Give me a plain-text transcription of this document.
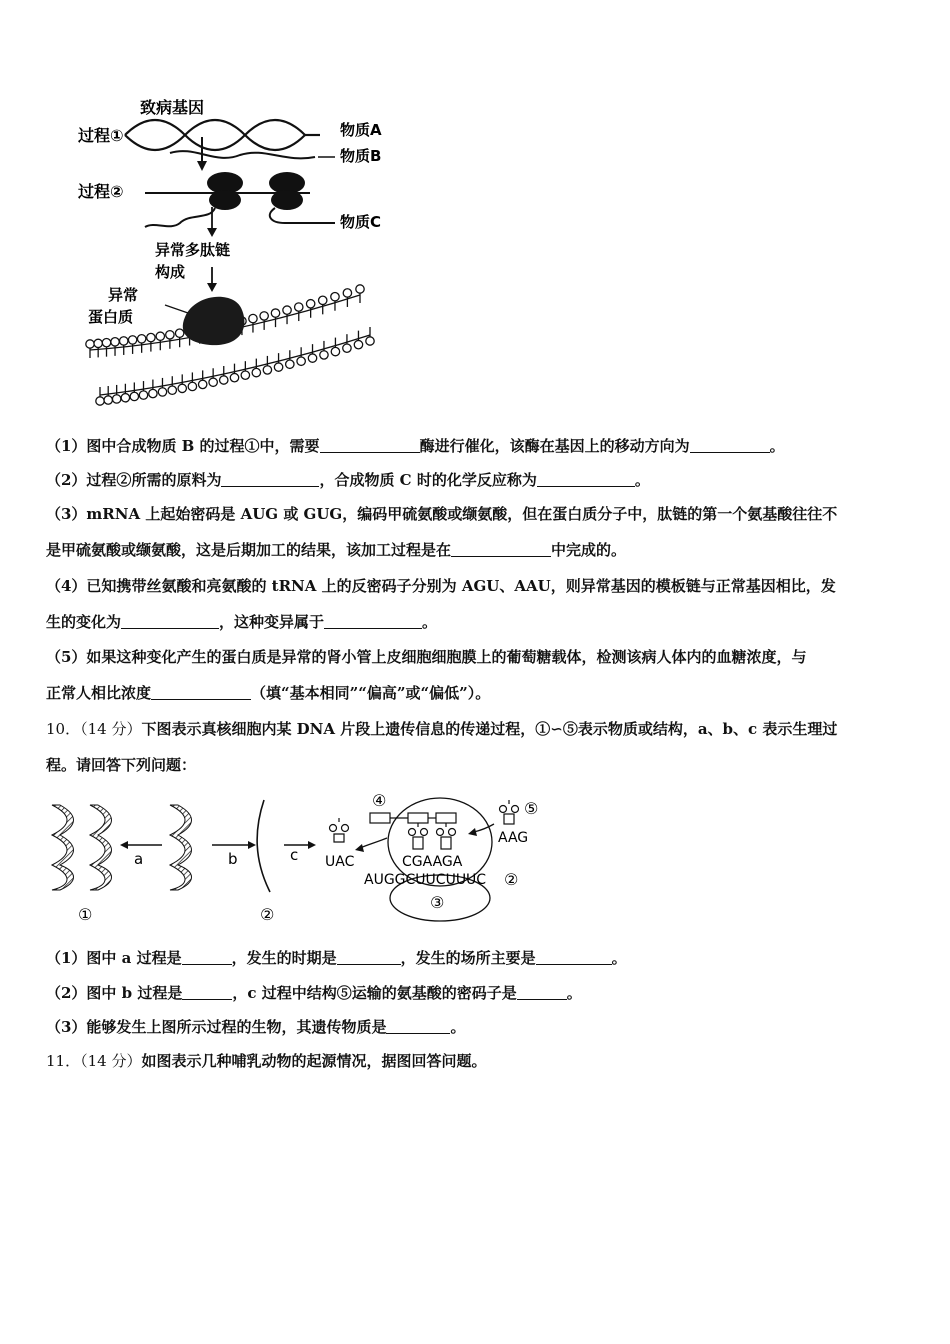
致病基因
过程①	物质A
物质B
过程②
物质C
异常多肽链
构成
异常
蛋白质
（1）图中合成物质 B 的过程①中，需要	酶进行催化，该酶在基因上的移动方向为	。
（2）过程②所需的原料为	，合成物质 C 时的化学反应称为	。
（3）mRNA 上起始密码是 AUG 或 GUG，编码甲硫氨酸或缬氨酸，但在蛋白质分子中，肽链的第一个氨基酸往往不
是甲硫氨酸或缬氨酸，这是后期加工的结果，该加工过程是在	中完成的。
（4）已知携带丝氨酸和亮氨酸的 tRNA 上的反密码子分别为 AGU、AAU，则异常基因的模板链与正常基因相比，发
生的变化为	，这种变异属于	。
（5）如果这种变化产生的蛋白质是异常的肾小管上皮细胞细胞膜上的葡萄糖载体，检测该病人体内的血糖浓度，与
正常人相比浓度	（填“基本相同”“偏高”或“偏低”）。
10．（14 分）下图表示真核细胞内某 DNA 片段上遗传信息的传递过程，①∽⑤表示物质或结构，a、b、c 表示生理过
程。请回答下列问题：
a	b	c UAC
AAG
CGAAGA
AUGGCUUCUUUC
①	②
②
③
④	⑤
（1）图中 a 过程是	，发生的时期是	，发生的场所主要是	。
（2）图中 b 过程是	，c 过程中结构⑤运输的氨基酸的密码子是	。
（3）能够发生上图所示过程的生物，其遗传物质是	。
11．（14 分）如图表示几种哺乳动物的起源情况，据图回答问题。
